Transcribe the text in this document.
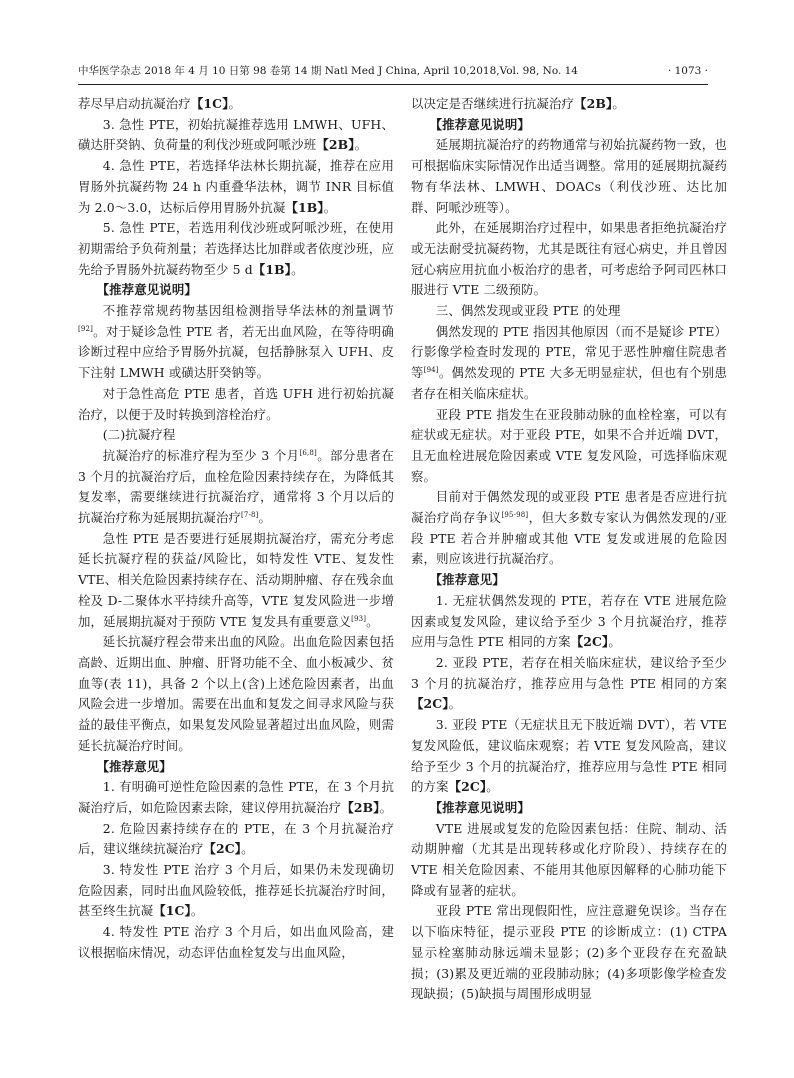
中华医学杂志 2018 年 4 月 10 日第 98 卷第 14 期 Natl Med J China, April 10,2018,Vol. 98, No. 14	· 1073 ·

荐尽早启动抗凝治疗【1C】。

3. 急性 PTE，初始抗凝推荐选用 LMWH、UFH、磺达肝癸钠、负荷量的利伐沙班或阿哌沙班【2B】。

4. 急性 PTE，若选择华法林长期抗凝，推荐在应用胃肠外抗凝药物 24 h 内重叠华法林，调节 INR 目标值为 2.0～3.0，达标后停用胃肠外抗凝【1B】。

5. 急性 PTE，若选用利伐沙班或阿哌沙班，在使用初期需给予负荷剂量；若选择达比加群或者依度沙班，应先给予胃肠外抗凝药物至少 5 d【1B】。

【推荐意见说明】

不推荐常规药物基因组检测指导华法林的剂量调节[92]。对于疑诊急性 PTE 者，若无出血风险，在等待明确诊断过程中应给予胃肠外抗凝，包括静脉泵入 UFH、皮下注射 LMWH 或磺达肝癸钠等。

对于急性高危 PTE 患者，首选 UFH 进行初始抗凝治疗，以便于及时转换到溶栓治疗。

(二)抗凝疗程

抗凝治疗的标准疗程为至少 3 个月[6,8]。部分患者在 3 个月的抗凝治疗后，血栓危险因素持续存在，为降低其复发率，需要继续进行抗凝治疗，通常将 3 个月以后的抗凝治疗称为延展期抗凝治疗[7-8]。

急性 PTE 是否要进行延展期抗凝治疗，需充分考虑延长抗凝疗程的获益/风险比，如特发性 VTE、复发性 VTE、相关危险因素持续存在、活动期肿瘤、存在残余血栓及 D-二聚体水平持续升高等，VTE 复发风险进一步增加，延展期抗凝对于预防 VTE 复发具有重要意义[93]。

延长抗凝疗程会带来出血的风险。出血危险因素包括高龄、近期出血、肿瘤、肝肾功能不全、血小板减少、贫血等(表 11)，具备 2 个以上(含)上述危险因素者，出血风险会进一步增加。需要在出血和复发之间寻求风险与获益的最佳平衡点，如果复发风险显著超过出血风险，则需延长抗凝治疗时间。

【推荐意见】

1. 有明确可逆性危险因素的急性 PTE，在 3 个月抗凝治疗后，如危险因素去除，建议停用抗凝治疗【2B】。

2. 危险因素持续存在的 PTE，在 3 个月抗凝治疗后，建议继续抗凝治疗【2C】。

3. 特发性 PTE 治疗 3 个月后，如果仍未发现确切危险因素，同时出血风险较低，推荐延长抗凝治疗时间，甚至终生抗凝【1C】。

4. 特发性 PTE 治疗 3 个月后，如出血风险高，建议根据临床情况，动态评估血栓复发与出血风险，

以决定是否继续进行抗凝治疗【2B】。

【推荐意见说明】

延展期抗凝治疗的药物通常与初始抗凝药物一致，也可根据临床实际情况作出适当调整。常用的延展期抗凝药物有华法林、LMWH、DOACs（利伐沙班、达比加群、阿哌沙班等）。

此外，在延展期治疗过程中，如果患者拒绝抗凝治疗或无法耐受抗凝药物，尤其是既往有冠心病史，并且曾因冠心病应用抗血小板治疗的患者，可考虑给予阿司匹林口服进行 VTE 二级预防。

三、偶然发现或亚段 PTE 的处理

偶然发现的 PTE 指因其他原因（而不是疑诊 PTE）行影像学检查时发现的 PTE，常见于恶性肿瘤住院患者等[94]。偶然发现的 PTE 大多无明显症状，但也有个别患者存在相关临床症状。

亚段 PTE 指发生在亚段肺动脉的血栓栓塞，可以有症状或无症状。对于亚段 PTE，如果不合并近端 DVT，且无血栓进展危险因素或 VTE 复发风险，可选择临床观察。

目前对于偶然发现的或亚段 PTE 患者是否应进行抗凝治疗尚存争议[95-98]，但大多数专家认为偶然发现的/亚段 PTE 若合并肿瘤或其他 VTE 复发或进展的危险因素，则应该进行抗凝治疗。

【推荐意见】

1. 无症状偶然发现的 PTE，若存在 VTE 进展危险因素或复发风险，建议给予至少 3 个月抗凝治疗，推荐应用与急性 PTE 相同的方案【2C】。

2. 亚段 PTE，若存在相关临床症状，建议给予至少 3 个月的抗凝治疗，推荐应用与急性 PTE 相同的方案【2C】。

3. 亚段 PTE（无症状且无下肢近端 DVT），若 VTE 复发风险低，建议临床观察；若 VTE 复发风险高，建议给予至少 3 个月的抗凝治疗，推荐应用与急性 PTE 相同的方案【2C】。

【推荐意见说明】

VTE 进展或复发的危险因素包括：住院、制动、活动期肿瘤（尤其是出现转移或化疗阶段）、持续存在的 VTE 相关危险因素、不能用其他原因解释的心肺功能下降或有显著的症状。

亚段 PTE 常出现假阳性，应注意避免误诊。当存在以下临床特征，提示亚段 PTE 的诊断成立：(1) CTPA 显示栓塞肺动脉远端未显影；(2)多个亚段存在充盈缺损；(3)累及更近端的亚段肺动脉；(4)多项影像学检查发现缺损；(5)缺损与周围形成明显
